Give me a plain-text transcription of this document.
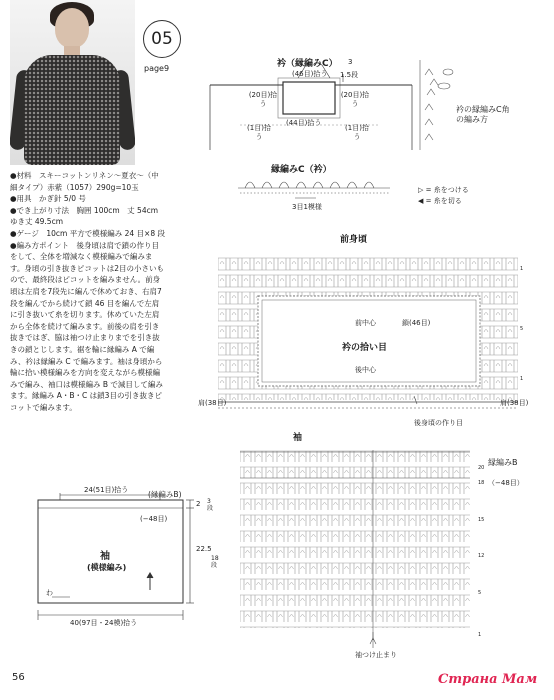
05
page9

●材料　スキーコットンリネン〜夏衣〜（中細タイプ）赤紫（1057）290g=10玉

●用具　かぎ針 5/0 号

●でき上がり寸法　胸囲 100cm　丈 54cm　ゆき丈 49.5cm

●ゲージ　10cm 平方で模様編み 24 目×8 段

●編み方ポイント　後身頃は肩で鎖の作り目をして、全体を増減なく模様編みで編みます。身頃の引き抜きピコットは2目の小さいもので、最終段はピコットを編みません。前身頃は左肩を7段先に編んで休めておき、右肩7段を編んでから続けて鎖 46 目を編んで左肩に引き抜いて糸を切ります。休めていた左肩から全体を続けて編みます。前後の肩を引き抜きではぎ、脇は袖つけ止まりまでを引き抜きの鎖とじします。裾を輪に縁編み A で編み、衿は縁編み C で編みます。袖は身頃から輪に拾い模様編みを方向を変えながら模様編みで編み、袖口は模様編み B で減目して編みます。縁編み A・B・C は鎖3目の引き抜きピコットで編みます。

衿（縁編みC）
(46目)拾う
(20目)拾う
(20目)拾う
(44目)拾う
(1目)拾う
(1目)拾う
3
1.5段
衿の縁編みC角の編み方
縁編みC（衿）
3目1模様
▷ = 糸をつける
◀ = 糸を切る
前身頃
前中心	鎖(46目)
衿の拾い目
後中心
肩(38目)	肩(38目)
後身頃の作り目
1
5
1
袖
縁編みB
（−48目）
20
18
15
12
5
1
袖つけ止まり
24(51目)拾う	(縁編みB)
(−48目)
袖
(模様編み)
2 3段
22.5
18段
40(97目・24模)拾う
わ
56	Страна Мам
